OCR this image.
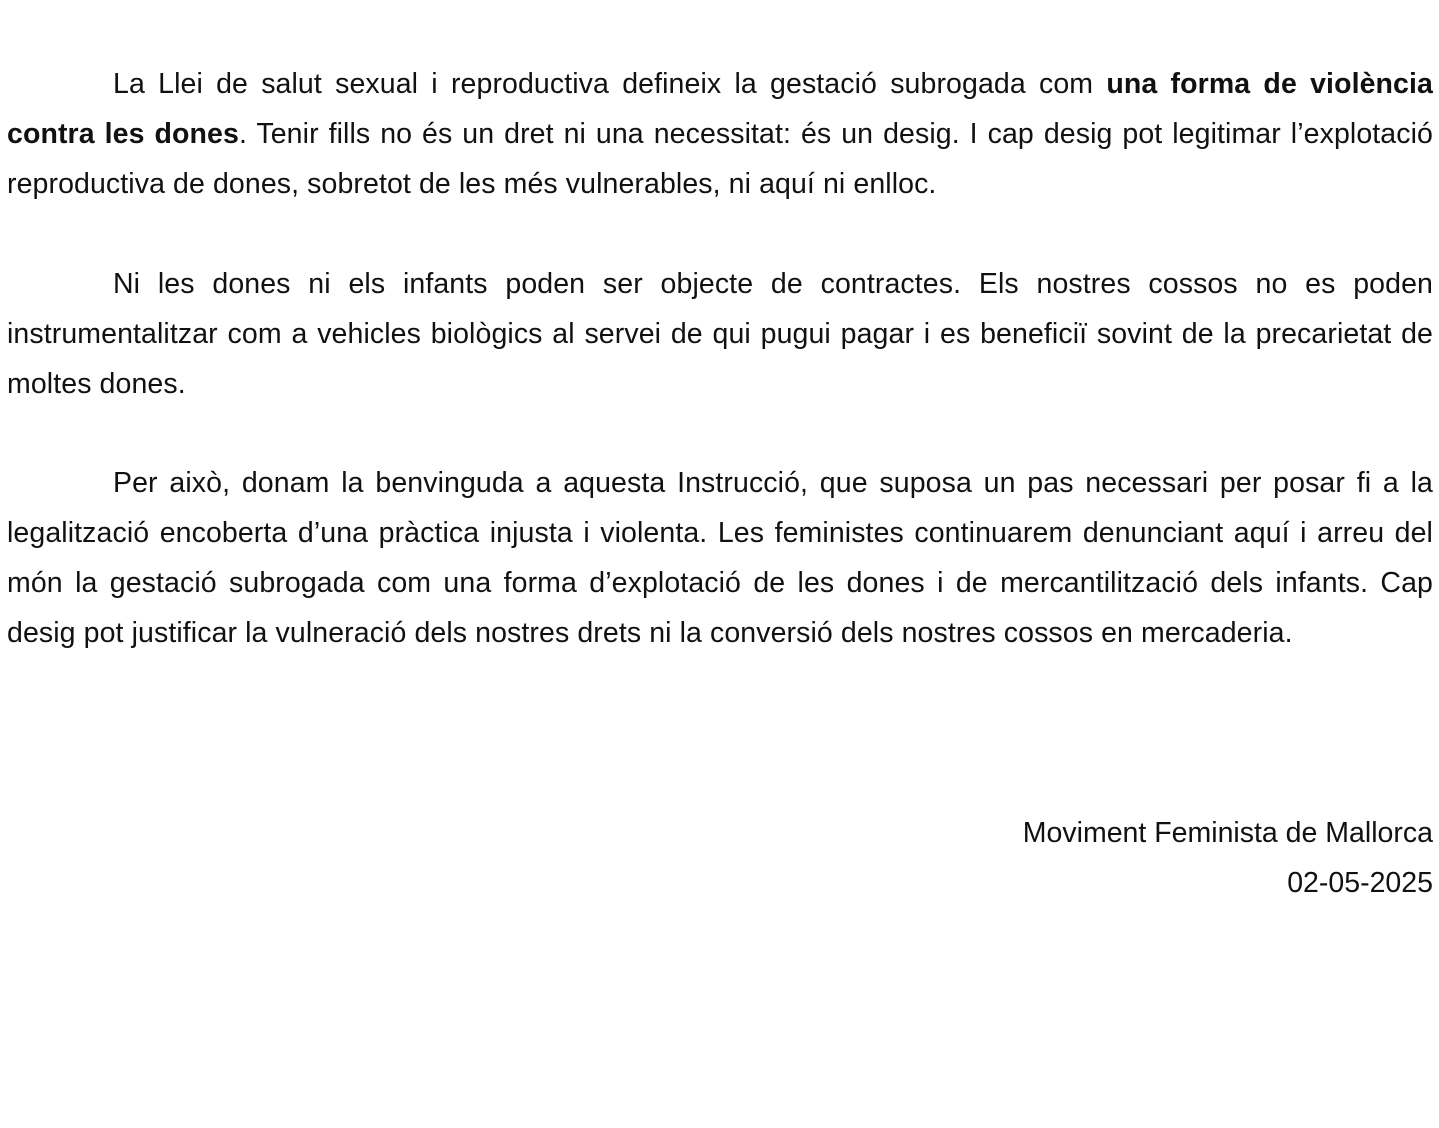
La Llei de salut sexual i reproductiva defineix la gestació subrogada com una forma de violència contra les dones. Tenir fills no és un dret ni una necessitat: és un desig. I cap desig pot legitimar l’explotació reproductiva de dones, sobretot de les més vulnerables, ni aquí ni enlloc.

Ni les dones ni els infants poden ser objecte de contractes. Els nostres cossos no es poden instrumentalitzar com a vehicles biològics al servei de qui pugui pagar i es beneficiï sovint de la precarietat de moltes dones.

Per això, donam la benvinguda a aquesta Instrucció, que suposa un pas necessari per posar fi a la legalització encoberta d’una pràctica injusta i violenta. Les feministes continuarem denunciant aquí i arreu del món la gestació subrogada com una forma d’explotació de les dones i de mercantilització dels infants. Cap desig pot justificar la vulneració dels nostres drets ni la conversió dels nostres cossos en mercaderia.

Moviment Feminista de Mallorca
02-05-2025
